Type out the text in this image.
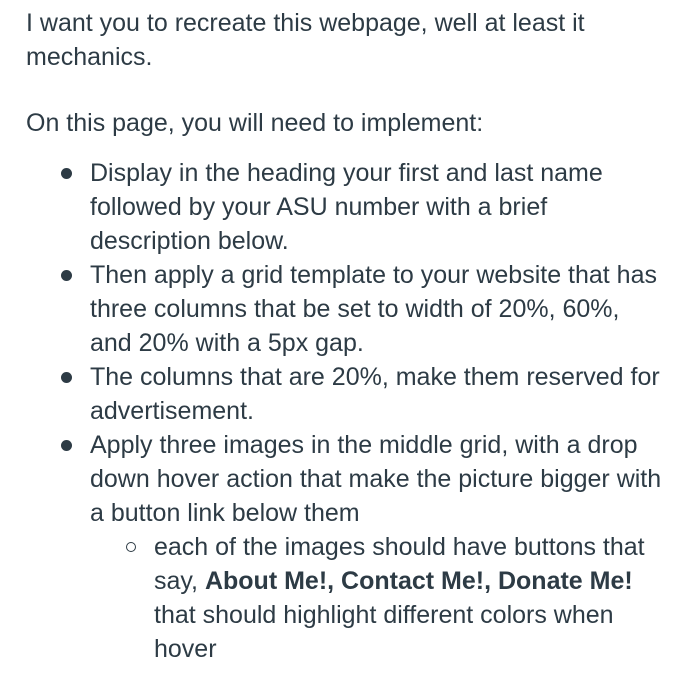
I want you to recreate this webpage, well at least it mechanics.

On this page, you will need to implement:

Display in the heading your first and last name followed by your ASU number with a brief description below.
Then apply a grid template to your website that has three columns that be set to width of 20%, 60%, and 20% with a 5px gap.
The columns that are 20%, make them reserved for advertisement.
Apply three images in the middle grid, with a drop down hover action that make the picture bigger with a button link below them
each of the images should have buttons that say, About Me!, Contact Me!, Donate Me! that should highlight different colors when hover
